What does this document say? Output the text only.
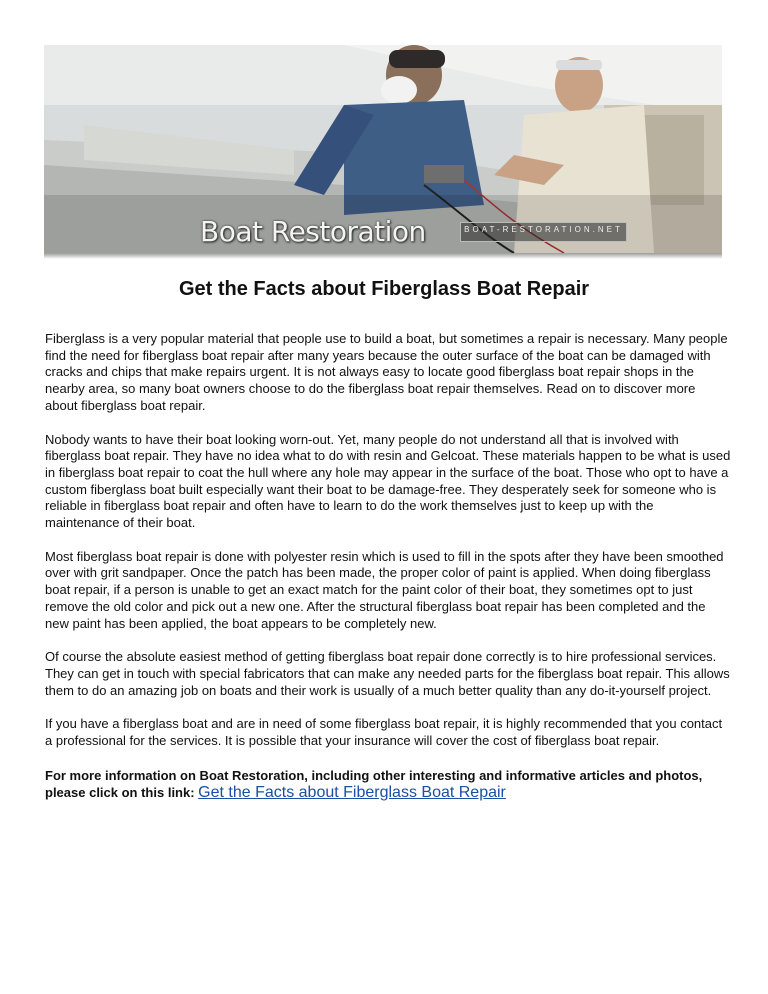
Boat Restoration	BOAT-RESTORATION.NET
Get the Facts about Fiberglass Boat Repair

Fiberglass is a very popular material that people use to build a boat, but sometimes a repair is necessary. Many people find the need for fiberglass boat repair after many years because the outer surface of the boat can be damaged with cracks and chips that make repairs urgent. It is not always easy to locate good fiberglass boat repair shops in the nearby area, so many boat owners choose to do the fiberglass boat repair themselves. Read on to discover more about fiberglass boat repair.

Nobody wants to have their boat looking worn-out. Yet, many people do not understand all that is involved with fiberglass boat repair. They have no idea what to do with resin and Gelcoat. These materials happen to be what is used in fiberglass boat repair to coat the hull where any hole may appear in the surface of the boat. Those who opt to have a custom fiberglass boat built especially want their boat to be damage-free. They desperately seek for someone who is reliable in fiberglass boat repair and often have to learn to do the work themselves just to keep up with the maintenance of their boat.

Most fiberglass boat repair is done with polyester resin which is used to fill in the spots after they have been smoothed over with grit sandpaper. Once the patch has been made, the proper color of paint is applied. When doing fiberglass boat repair, if a person is unable to get an exact match for the paint color of their boat, they sometimes opt to just remove the old color and pick out a new one. After the structural fiberglass boat repair has been completed and the new paint has been applied, the boat appears to be completely new.

Of course the absolute easiest method of getting fiberglass boat repair done correctly is to hire professional services. They can get in touch with special fabricators that can make any needed parts for the fiberglass boat repair. This allows them to do an amazing job on boats and their work is usually of a much better quality than any do-it-yourself project.

If you have a fiberglass boat and are in need of some fiberglass boat repair, it is highly recommended that you contact a professional for the services. It is possible that your insurance will cover the cost of fiberglass boat repair.

For more information on Boat Restoration, including other interesting and informative articles and photos, please click on this link: Get the Facts about Fiberglass Boat Repair
